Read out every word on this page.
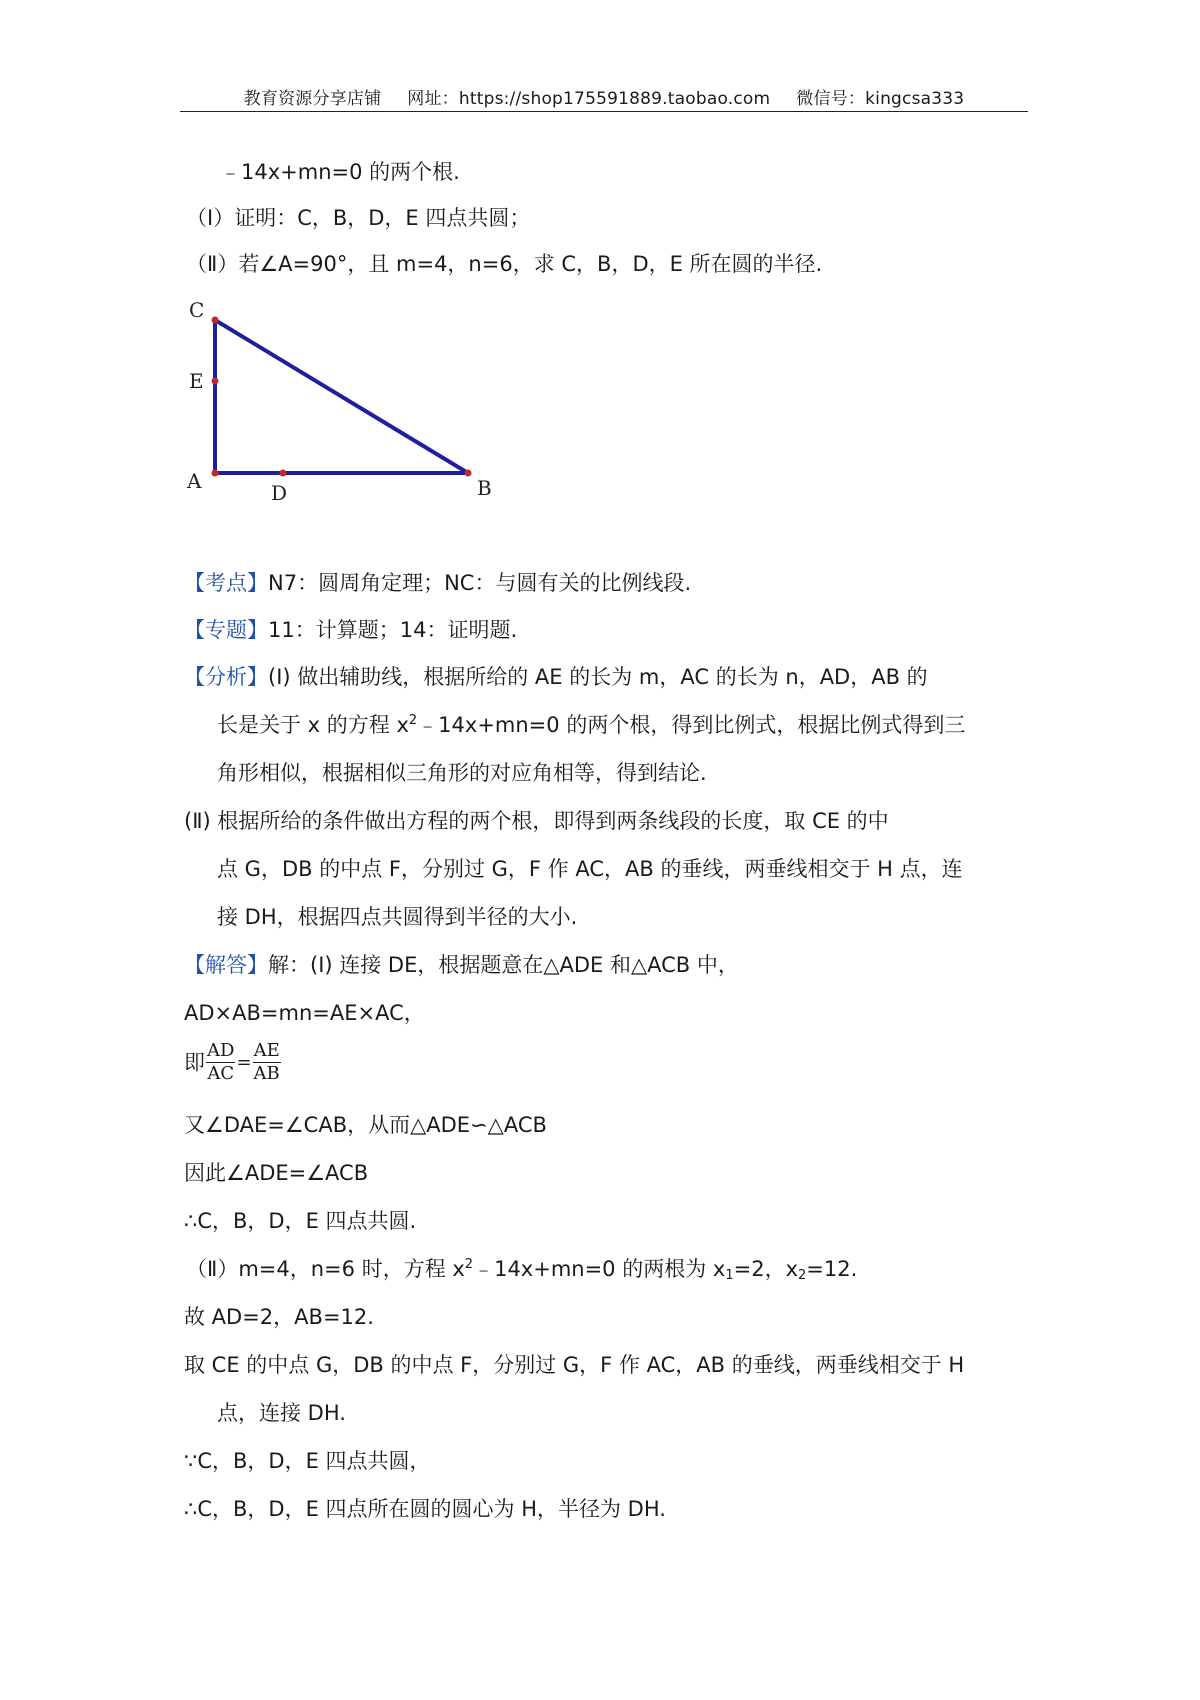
教育资源分享店铺 网址：https://shop175591889.taobao.com 微信号：kingcsa333
﹣14x+mn=0 的两个根.
（Ⅰ）证明：C，B，D，E 四点共圆；
（Ⅱ）若∠A=90°，且 m=4，n=6，求 C，B，D，E 所在圆的半径.
C
E
A	D	B
【考点】N7：圆周角定理；NC：与圆有关的比例线段.
【专题】11：计算题；14：证明题.
【分析】(Ⅰ) 做出辅助线，根据所给的 AE 的长为 m，AC 的长为 n，AD，AB 的
长是关于 x 的方程 $x^2﹣14x+mn=0$ 的两个根，得到比例式，根据比例式得到三
角形相似，根据相似三角形的对应角相等，得到结论.
(Ⅱ) 根据所给的条件做出方程的两个根，即得到两条线段的长度，取 CE 的中
点 G，DB 的中点 F，分别过 G，F 作 AC，AB 的垂线，两垂线相交于 H 点，连
接 DH，根据四点共圆得到半径的大小.
【解答】解：(Ⅰ) 连接 DE，根据题意在△ADE 和△ACB 中，
AD×AB=mn=AE×AC，
即 $\frac{AD}{AC} = \frac{AE}{AB}$
又∠DAE=∠CAB，从而△ADE∽△ACB
因此∠ADE=∠ACB
∴C，B，D，E 四点共圆.
（Ⅱ）m=4，n=6 时，方程 $x^2﹣14x+mn=0$ 的两根为 $x_1=2$，$x_2=12$.
故 AD=2，AB=12.
取 CE 的中点 G，DB 的中点 F，分别过 G，F 作 AC，AB 的垂线，两垂线相交于 H
点，连接 DH.
∵C，B，D，E 四点共圆，
∴C，B，D，E 四点所在圆的圆心为 H，半径为 DH.
